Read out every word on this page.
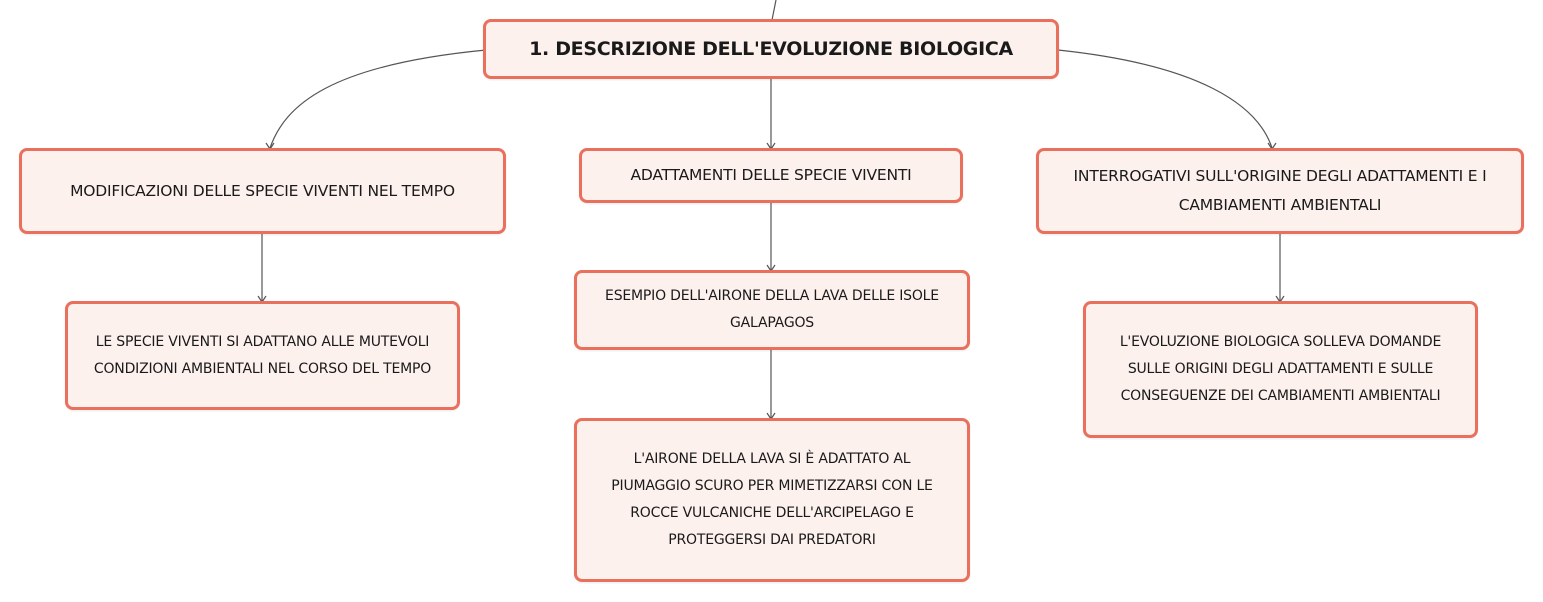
1. DESCRIZIONE DELL'EVOLUZIONE BIOLOGICA
MODIFICAZIONI DELLE SPECIE VIVENTI NEL TEMPO
ADATTAMENTI DELLE SPECIE VIVENTI	INTERROGATIVI SULL'ORIGINE DEGLI ADATTAMENTI E I CAMBIAMENTI AMBIENTALI
LE SPECIE VIVENTI SI ADATTANO ALLE MUTEVOLI CONDIZIONI AMBIENTALI NEL CORSO DEL TEMPO
ESEMPIO DELL'AIRONE DELLA LAVA DELLE ISOLE GALAPAGOS
L'AIRONE DELLA LAVA SI È ADATTATO AL PIUMAGGIO SCURO PER MIMETIZZARSI CON LE ROCCE VULCANICHE DELL'ARCIPELAGO E PROTEGGERSI DAI PREDATORI
L'EVOLUZIONE BIOLOGICA SOLLEVA DOMANDE SULLE ORIGINI DEGLI ADATTAMENTI E SULLE CONSEGUENZE DEI CAMBIAMENTI AMBIENTALI
